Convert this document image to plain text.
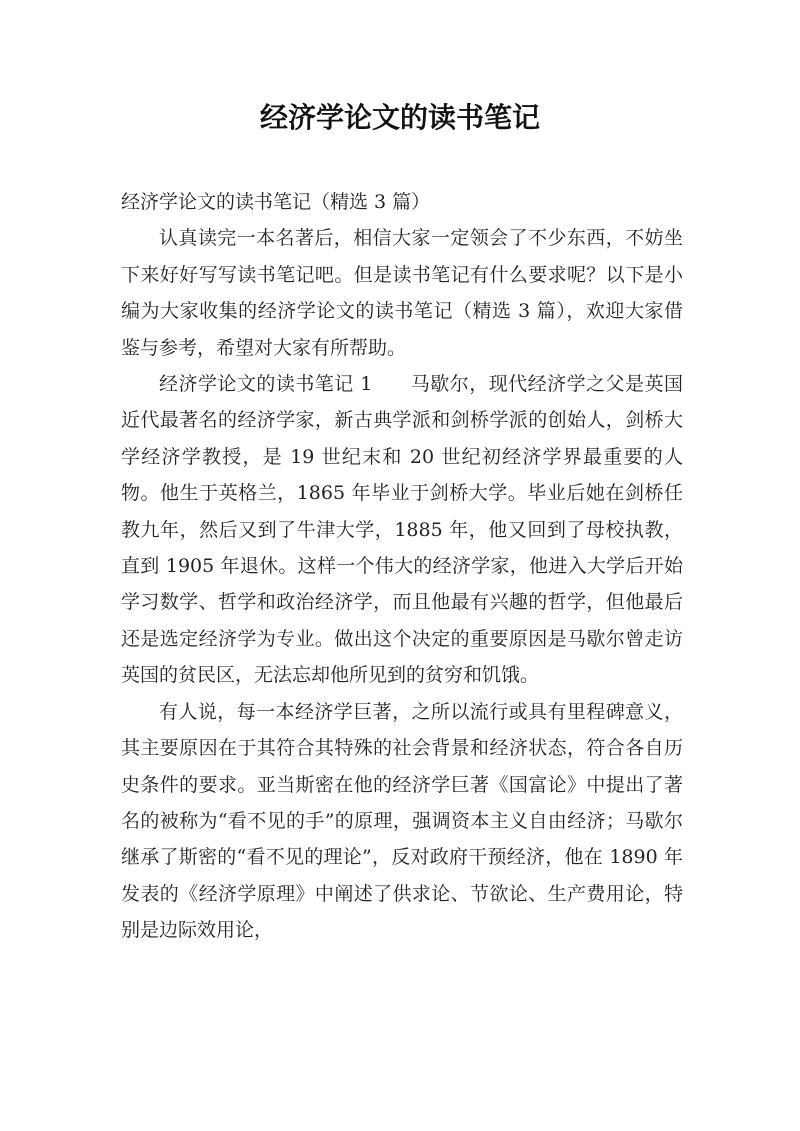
经济学论文的读书笔记

经济学论文的读书笔记（精选 3 篇）

认真读完一本名著后，相信大家一定领会了不少东西，不妨坐下来好好写写读书笔记吧。但是读书笔记有什么要求呢？以下是小编为大家收集的经济学论文的读书笔记（精选 3 篇），欢迎大家借鉴与参考，希望对大家有所帮助。

经济学论文的读书笔记 1 马歇尔，现代经济学之父是英国近代最著名的经济学家，新古典学派和剑桥学派的创始人，剑桥大学经济学教授，是 19 世纪末和 20 世纪初经济学界最重要的人物。他生于英格兰，1865 年毕业于剑桥大学。毕业后她在剑桥任教九年，然后又到了牛津大学，1885 年，他又回到了母校执教，直到 1905 年退休。这样一个伟大的经济学家，他进入大学后开始学习数学、哲学和政治经济学，而且他最有兴趣的哲学，但他最后还是选定经济学为专业。做出这个决定的重要原因是马歇尔曾走访英国的贫民区，无法忘却他所见到的贫穷和饥饿。

有人说，每一本经济学巨著，之所以流行或具有里程碑意义，其主要原因在于其符合其特殊的社会背景和经济状态，符合各自历史条件的要求。亚当斯密在他的经济学巨著《国富论》中提出了著名的被称为“看不见的手”的原理，强调资本主义自由经济；马歇尔继承了斯密的“看不见的理论”，反对政府干预经济，他在 1890 年发表的《经济学原理》中阐述了供求论、节欲论、生产费用论，特别是边际效用论，
